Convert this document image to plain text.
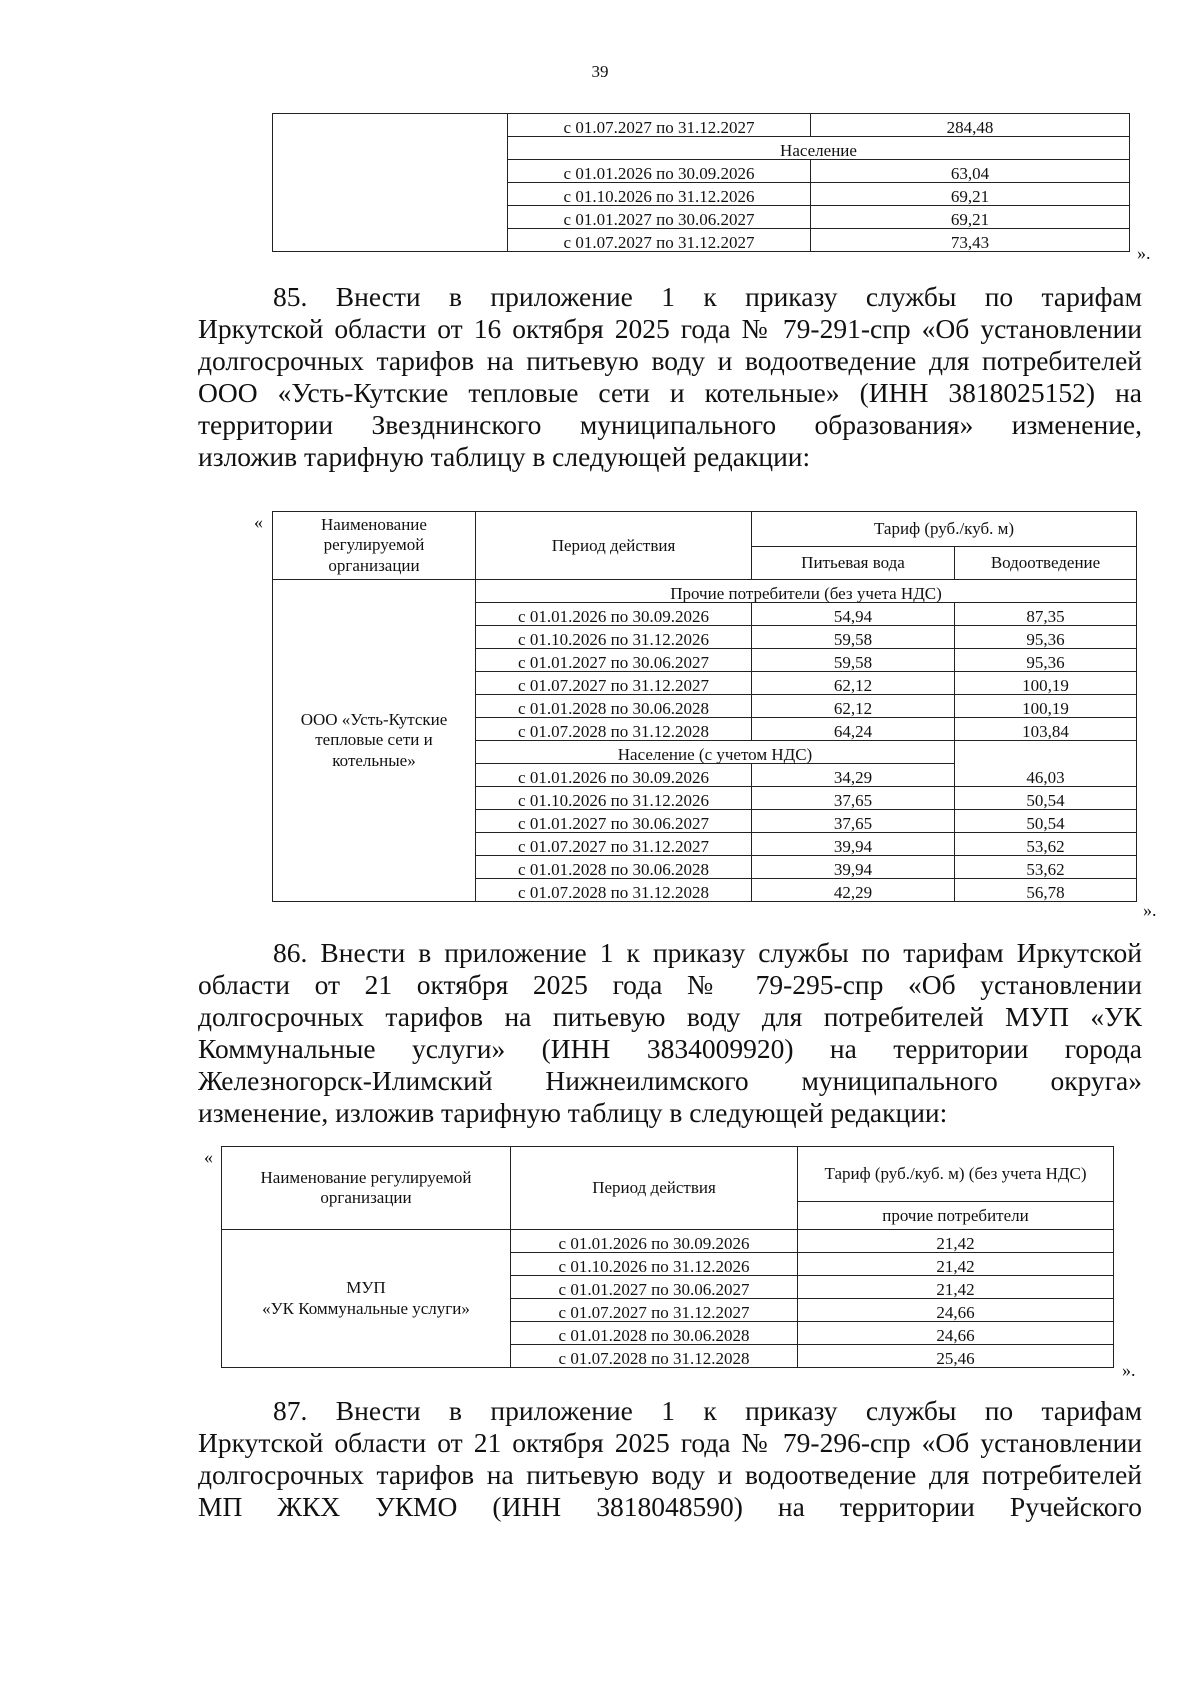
39
	с 01.07.2027 по 31.12.2027	284,48
	Население	
	с 01.01.2026 по 30.09.2026	63,04
	с 01.10.2026 по 31.12.2026	69,21
	с 01.01.2027 по 30.06.2027	69,21
	с 01.07.2027 по 31.12.2027	73,43
».
85. Внести в приложение 1 к приказу службы по тарифам
Иркутской области от 16 октября 2025 года № 79-291-спр «Об установлении
долгосрочных тарифов на питьевую воду и водоотведение для потребителей
ООО «Усть-Кутские тепловые сети и котельные» (ИНН 3818025152) на
территории Звезднинского муниципального образования» изменение,
изложив тарифную таблицу в следующей редакции:
«	Наименование регулируемой организации	Период действия	Тариф (руб./куб. м)	
		Питьевая вода	Водоотведение
ООО «Усть-Кутские тепловые сети и котельные»	Прочие потребители (без учета НДС)		
	с 01.01.2026 по 30.09.2026	54,94	87,35
	с 01.10.2026 по 31.12.2026	59,58	95,36
	с 01.01.2027 по 30.06.2027	59,58	95,36
	с 01.07.2027 по 31.12.2027	62,12	100,19
	с 01.01.2028 по 30.06.2028	62,12	100,19
	с 01.07.2028 по 31.12.2028	64,24	103,84
	Население (с учетом НДС)		
	с 01.01.2026 по 30.09.2026	34,29	46,03
	с 01.10.2026 по 31.12.2026	37,65	50,54
	с 01.01.2027 по 30.06.2027	37,65	50,54
	с 01.07.2027 по 31.12.2027	39,94	53,62
	с 01.01.2028 по 30.06.2028	39,94	53,62
	с 01.07.2028 по 31.12.2028	42,29	56,78
».
86. Внести в приложение 1 к приказу службы по тарифам Иркутской
области от 21 октября 2025 года № 79-295-спр «Об установлении
долгосрочных тарифов на питьевую воду для потребителей МУП «УК
Коммунальные услуги» (ИНН 3834009920) на территории города
Железногорск-Илимский Нижнеилимского муниципального округа»
изменение, изложив тарифную таблицу в следующей редакции:
«
Наименование регулируемой организации	Период действия	Тариф (руб./куб. м) (без учета НДС)
		прочие потребители
МУП
«УК Коммунальные услуги»	с 01.01.2026 по 30.09.2026	21,42
	с 01.10.2026 по 31.12.2026	21,42
	с 01.01.2027 по 30.06.2027	21,42
	с 01.07.2027 по 31.12.2027	24,66
	с 01.01.2028 по 30.06.2028	24,66
	с 01.07.2028 по 31.12.2028	25,46
».
87. Внести в приложение 1 к приказу службы по тарифам
Иркутской области от 21 октября 2025 года № 79-296-спр «Об установлении
долгосрочных тарифов на питьевую воду и водоотведение для потребителей
МП ЖКХ УКМО (ИНН 3818048590) на территории Ручейского
